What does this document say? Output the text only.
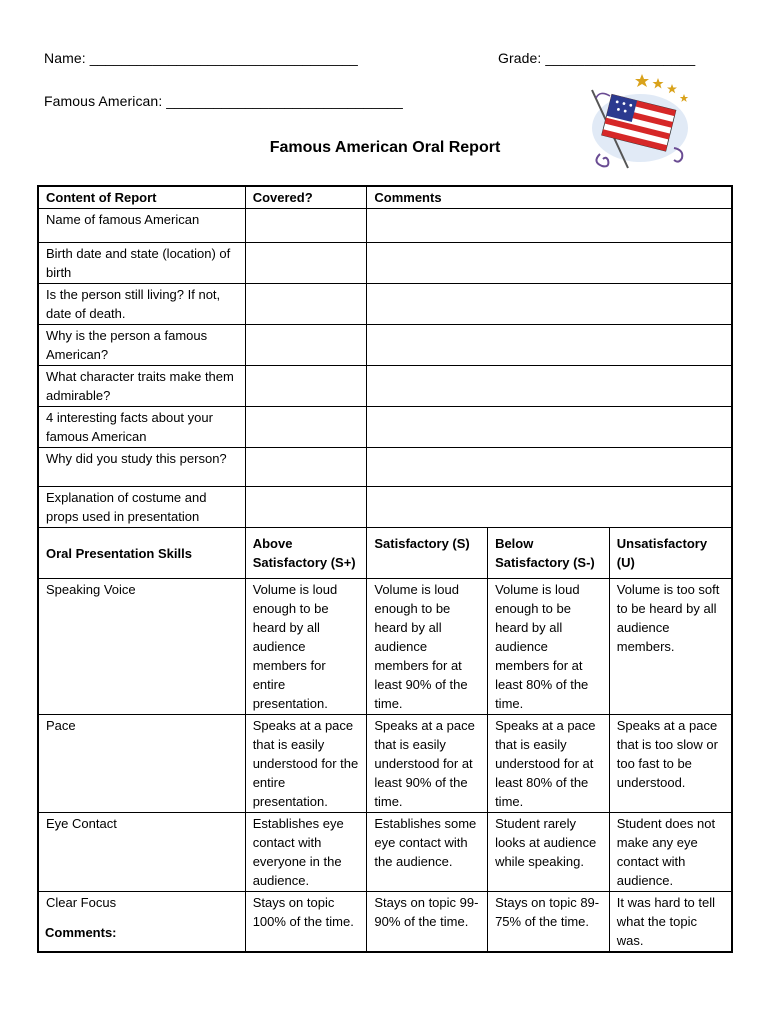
Name: __________________________________	Grade: ___________________
Famous American: ______________________________
Famous American Oral Report
Content of Report	Covered?	Comments		
Name of famous American				
Birth date and state (location) of birth				
Is the person still living? If not, date of death.				
Why is the person a famous American?				
What character traits make them admirable?				
4 interesting facts about your famous American				
Why did you study this person?				
Explanation of costume and props used in presentation				
Oral Presentation Skills	Above Satisfactory (S+)	Satisfactory (S)	Below Satisfactory (S-)	Unsatisfactory (U)
Speaking Voice	Volume is loud enough to be heard by all audience members for entire presentation.	Volume is loud enough to be heard by all audience members for at least 90% of the time.	Volume is loud enough to be heard by all audience members for at least 80% of the time.	Volume is too soft to be heard by all audience members.
Pace	Speaks at a pace that is easily understood for the entire presentation.	Speaks at a pace that is easily understood for at least 90% of the time.	Speaks at a pace that is easily understood for at least 80% of the time.	Speaks at a pace that is too slow or too fast to be understood.
Eye Contact	Establishes eye contact with everyone in the audience.	Establishes some eye contact with the audience.	Student rarely looks at audience while speaking.	Student does not make any eye contact with audience.
Clear Focus	Stays on topic 100% of the time.	Stays on topic 99-90% of the time.	Stays on topic 89-75% of the time.	It was hard to tell what the topic was.
Comments:
